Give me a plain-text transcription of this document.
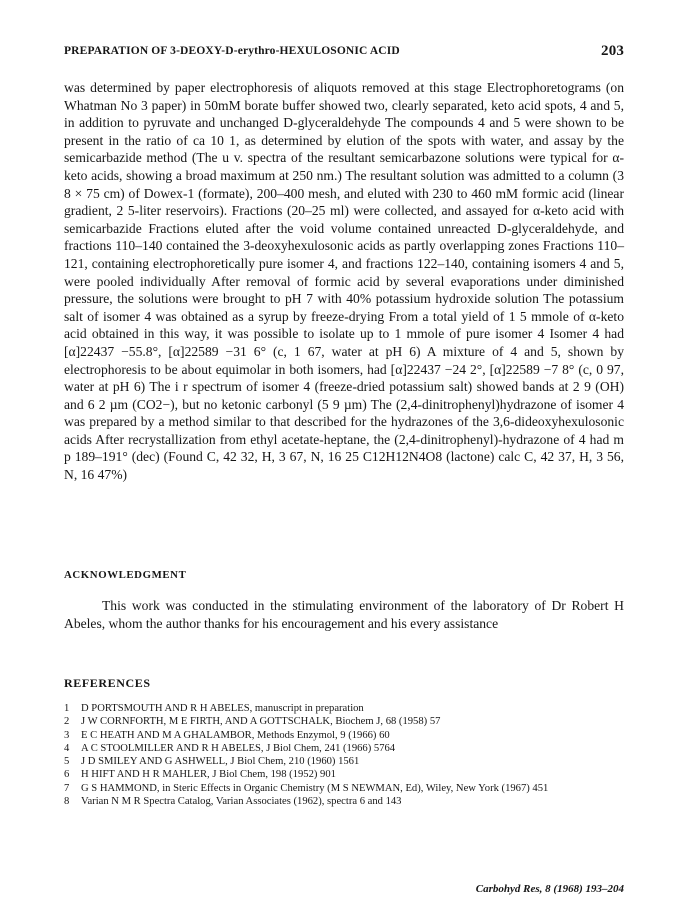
PREPARATION OF 3-DEOXY-D-erythro-HEXULOSONIC ACID	203

was determined by paper electrophoresis of aliquots removed at this stage Electrophoretograms (on Whatman No 3 paper) in 50mM borate buffer showed two, clearly separated, keto acid spots, 4 and 5, in addition to pyruvate and unchanged D-glyceraldehyde The compounds 4 and 5 were shown to be present in the ratio of ca 10 1, as determined by elution of the spots with water, and assay by the semicarbazide method (The u v. spectra of the resultant semicarbazone solutions were typical for α-keto acids, showing a broad maximum at 250 nm.) The resultant solution was admitted to a column (3 8 × 75 cm) of Dowex-1 (formate), 200–400 mesh, and eluted with 230 to 460 mM formic acid (linear gradient, 2 5-liter reservoirs). Fractions (20–25 ml) were collected, and assayed for α-keto acid with semicarbazide Fractions eluted after the void volume contained unreacted D-glyceraldehyde, and fractions 110–140 contained the 3-deoxyhexulosonic acids as partly overlapping zones Fractions 110–121, containing electrophoretically pure isomer 4, and fractions 122–140, containing isomers 4 and 5, were pooled individually After removal of formic acid by several evaporations under diminished pressure, the solutions were brought to pH 7 with 40% potassium hydroxide solution The potassium salt of isomer 4 was obtained as a syrup by freeze-drying From a total yield of 1 5 mmole of α-keto acid obtained in this way, it was possible to isolate up to 1 mmole of pure isomer 4 Isomer 4 had [α]22437 −55.8°, [α]22589 −31 6° (c, 1 67, water at pH 6) A mixture of 4 and 5, shown by electrophoresis to be about equimolar in both isomers, had [α]22437 −24 2°, [α]22589 −7 8° (c, 0 97, water at pH 6) The i r spectrum of isomer 4 (freeze-dried potassium salt) showed bands at 2 9 (OH) and 6 2 µm (CO2−), but no ketonic carbonyl (5 9 µm) The (2,4-dinitrophenyl)hydrazone of isomer 4 was prepared by a method similar to that described for the hydrazones of the 3,6-dideoxyhexulosonic acids After recrystallization from ethyl acetate-heptane, the (2,4-dinitrophenyl)-hydrazone of 4 had m p 189–191° (dec) (Found C, 42 32, H, 3 67, N, 16 25 C12H12N4O8 (lactone) calc C, 42 37, H, 3 56, N, 16 47%)

ACKNOWLEDGMENT

This work was conducted in the stimulating environment of the laboratory of Dr Robert H Abeles, whom the author thanks for his encouragement and his every assistance

REFERENCES
1 D PORTSMOUTH AND R H ABELES, manuscript in preparation
2 J W CORNFORTH, M E FIRTH, AND A GOTTSCHALK, Biochem J, 68 (1958) 57
3 E C HEATH AND M A GHALAMBOR, Methods Enzymol, 9 (1966) 60
4 A C STOOLMILLER AND R H ABELES, J Biol Chem, 241 (1966) 5764
5 J D SMILEY AND G ASHWELL, J Biol Chem, 210 (1960) 1561
6 H HIFT AND H R MAHLER, J Biol Chem, 198 (1952) 901
7 G S HAMMOND, in Steric Effects in Organic Chemistry (M S NEWMAN, Ed), Wiley, New York (1967) 451
8 Varian N M R Spectra Catalog, Varian Associates (1962), spectra 6 and 143
Carbohyd Res, 8 (1968) 193–204
